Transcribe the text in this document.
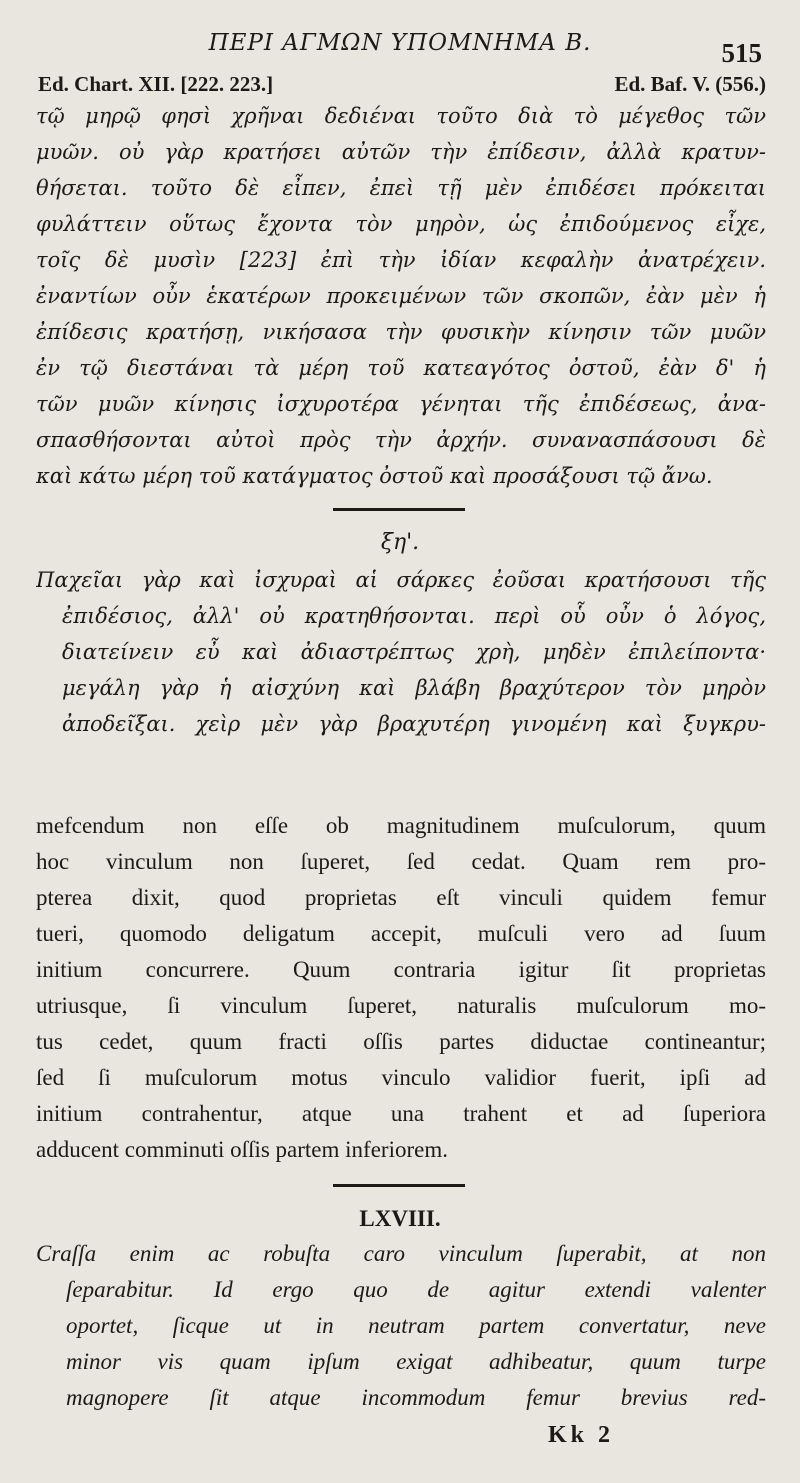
ΠΕΡΙ ΑΓΜΩΝ ΥΠΟΜΝΗΜΑ Β.	515
Ed. Chart. XII. [222. 223.]	Ed. Baf. V. (556.)
τῷ μηρῷ φησὶ χρῆναι δεδιέναι τοῦτο διὰ τὸ μέγεθος τῶν
μυῶν. οὐ γὰρ κρατήσει αὐτῶν τὴν ἐπίδεσιν, ἀλλὰ κρατυν-
θήσεται. τοῦτο δὲ εἶπεν, ἐπεὶ τῇ μὲν ἐπιδέσει πρόκειται
φυλάττειν οὕτως ἔχοντα τὸν μηρὸν, ὡς ἐπιδούμενος εἶχε,
τοῖς δὲ μυσὶν [223] ἐπὶ τὴν ἰδίαν κεφαλὴν ἀνατρέχειν.
ἐναντίων οὖν ἑκατέρων προκειμένων τῶν σκοπῶν, ἐὰν μὲν ἡ
ἐπίδεσις κρατήσῃ, νικήσασα τὴν φυσικὴν κίνησιν τῶν μυῶν
ἐν τῷ διεστάναι τὰ μέρη τοῦ κατεαγότος ὀστοῦ, ἐὰν δ' ἡ
τῶν μυῶν κίνησις ἰσχυροτέρα γένηται τῆς ἐπιδέσεως, ἀνα-
σπασθήσονται αὐτοὶ πρὸς τὴν ἀρχήν. συνανασπάσουσι δὲ
καὶ κάτω μέρη τοῦ κατάγματος ὀστοῦ καὶ προσάξουσι τῷ ἄνω.
ξη'.
Παχεῖαι γὰρ καὶ ἰσχυραὶ αἱ σάρκες ἐοῦσαι κρατήσουσι τῆς
ἐπιδέσιος, ἀλλ' οὐ κρατηθήσονται. περὶ οὗ οὖν ὁ λόγος,
διατείνειν εὖ καὶ ἀδιαστρέπτως χρὴ, μηδὲν ἐπιλείποντα·
μεγάλη γὰρ ἡ αἰσχύνη καὶ βλάβη βραχύτερον τὸν μηρὸν
ἀποδεῖξαι. χεὶρ μὲν γὰρ βραχυτέρη γινομένη καὶ ξυγκρυ-
mefcendum non eſſe ob magnitudinem muſculorum, quum
hoc vinculum non ſuperet, ſed cedat. Quam rem pro-
pterea dixit, quod proprietas eſt vinculi quidem femur
tueri, quomodo deligatum accepit, muſculi vero ad ſuum
initium concurrere. Quum contraria igitur ſit proprietas
utriusque, ſi vinculum ſuperet, naturalis muſculorum mo-
tus cedet, quum fracti oſſis partes diductae contineantur;
ſed ſi muſculorum motus vinculo validior fuerit, ipſi ad
initium contrahentur, atque una trahent et ad ſuperiora
adducent comminuti oſſis partem inferiorem.
LXVIII.
Craſſa enim ac robuſta caro vinculum ſuperabit, at non
ſeparabitur. Id ergo quo de agitur extendi valenter
oportet, ſicque ut in neutram partem convertatur, neve
minor vis quam ipſum exigat adhibeatur, quum turpe
magnopere ſit atque incommodum femur brevius red-
Kk 2
